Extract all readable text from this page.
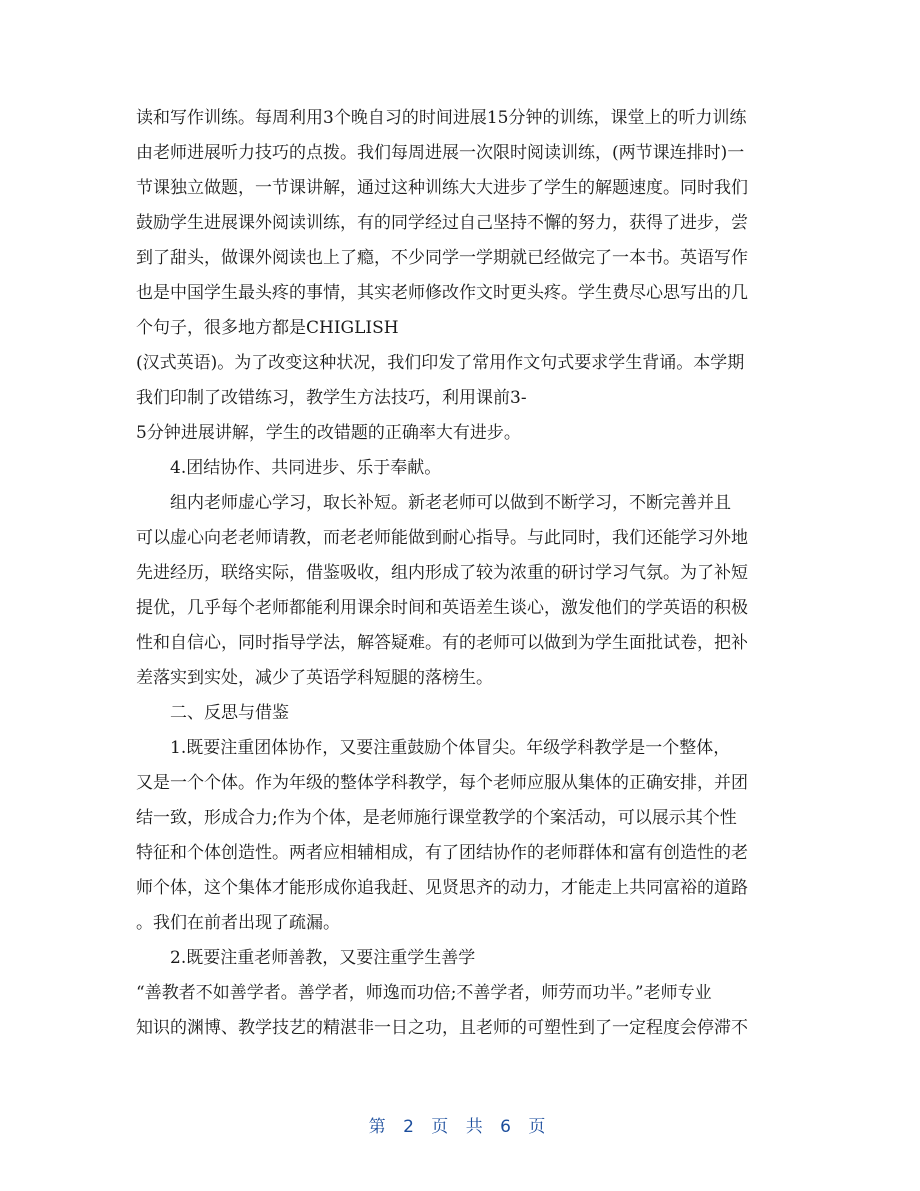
读和写作训练。每周利用3个晚自习的时间进展15分钟的训练，课堂上的听力训练
由老师进展听力技巧的点拨。我们每周进展一次限时阅读训练，(两节课连排时)一
节课独立做题，一节课讲解，通过这种训练大大进步了学生的解题速度。同时我们
鼓励学生进展课外阅读训练，有的同学经过自己坚持不懈的努力，获得了进步，尝
到了甜头，做课外阅读也上了瘾，不少同学一学期就已经做完了一本书。英语写作
也是中国学生最头疼的事情，其实老师修改作文时更头疼。学生费尽心思写出的几
个句子，很多地方都是CHIGLISH
(汉式英语)。为了改变这种状况，我们印发了常用作文句式要求学生背诵。本学期
我们印制了改错练习，教学生方法技巧，利用课前3-
5分钟进展讲解，学生的改错题的正确率大有进步。
4.团结协作、共同进步、乐于奉献。
组内老师虚心学习，取长补短。新老老师可以做到不断学习，不断完善并且
可以虚心向老老师请教，而老老师能做到耐心指导。与此同时，我们还能学习外地
先进经历，联络实际，借鉴吸收，组内形成了较为浓重的研讨学习气氛。为了补短
提优，几乎每个老师都能利用课余时间和英语差生谈心，激发他们的学英语的积极
性和自信心，同时指导学法，解答疑难。有的老师可以做到为学生面批试卷，把补
差落实到实处，减少了英语学科短腿的落榜生。
二、反思与借鉴
1.既要注重团体协作，又要注重鼓励个体冒尖。年级学科教学是一个整体，
又是一个个体。作为年级的整体学科教学，每个老师应服从集体的正确安排，并团
结一致，形成合力;作为个体，是老师施行课堂教学的个案活动，可以展示其个性
特征和个体创造性。两者应相辅相成，有了团结协作的老师群体和富有创造性的老
师个体，这个集体才能形成你追我赶、见贤思齐的动力，才能走上共同富裕的道路
。我们在前者出现了疏漏。
2.既要注重老师善教，又要注重学生善学
“善教者不如善学者。善学者，师逸而功倍;不善学者，师劳而功半。”老师专业
知识的渊博、教学技艺的精湛非一日之功，且老师的可塑性到了一定程度会停滞不
第 2 页 共 6 页
